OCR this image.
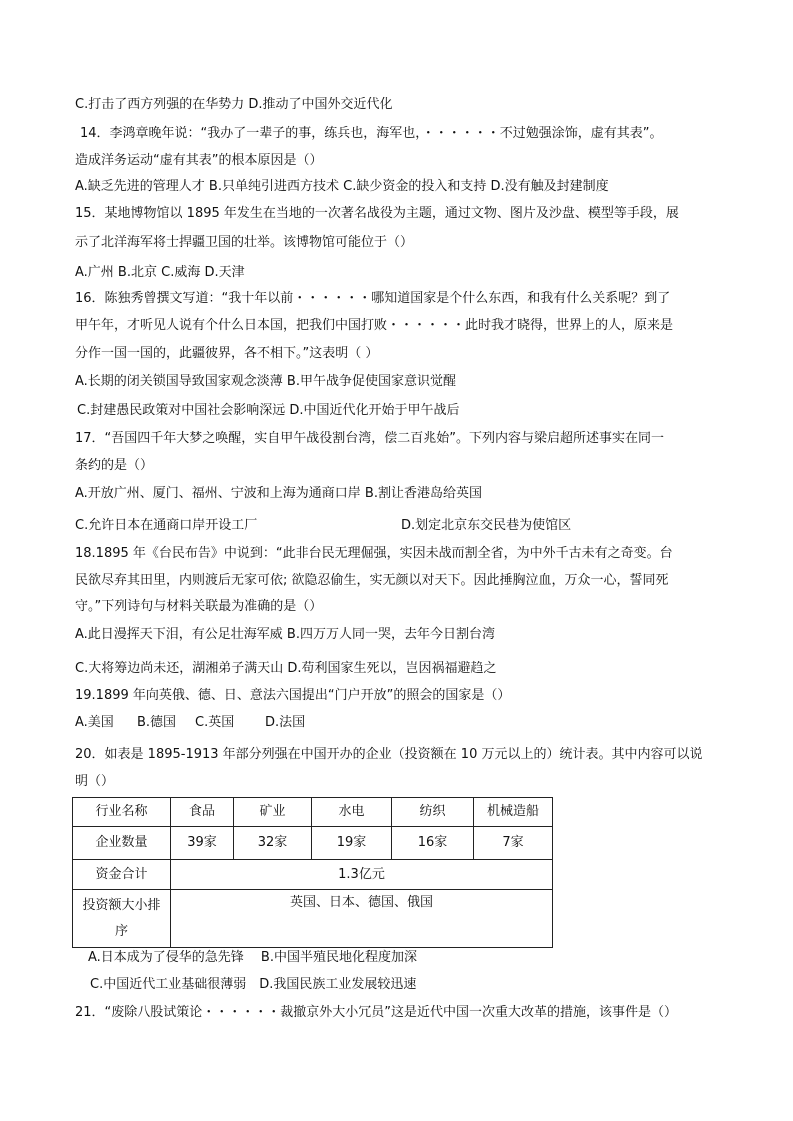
C.打击了西方列强的在华势力 D.推动了中国外交近代化
14．李鸿章晚年说：“我办了一辈子的事，练兵也，海军也，・・・・・・不过勉强涂饰，虚有其表”。
造成洋务运动“虚有其表”的根本原因是（）
A.缺乏先进的管理人才 B.只单纯引进西方技术 C.缺少资金的投入和支持 D.没有触及封建制度
15．某地博物馆以 1895 年发生在当地的一次著名战役为主题，通过文物、图片及沙盘、模型等手段，展
示了北洋海军将士捍疆卫国的壮举。该博物馆可能位于（）
A.广州 B.北京 C.威海 D.天津
16．陈独秀曾撰文写道：“我十年以前・・・・・・哪知道国家是个什么东西，和我有什么关系呢？到了
甲午年，才听见人说有个什么日本国，把我们中国打败・・・・・・此时我才晓得，世界上的人，原来是
分作一国一国的，此疆彼界，各不相下。”这表明（ ）
A.长期的闭关锁国导致国家观念淡薄 B.甲午战争促使国家意识觉醒
C.封建愚民政策对中国社会影响深远 D.中国近代化开始于甲午战后
17．“吾国四千年大梦之唤醒，实自甲午战役割台湾，偿二百兆始”。下列内容与梁启超所述事实在同一
条约的是（）
A.开放广州、厦门、福州、宁波和上海为通商口岸 B.割让香港岛给英国
C.允许日本在通商口岸开设工厂	D.划定北京东交民巷为使馆区
18.1895 年《台民布告》中说到：“此非台民无理倔强，实因未战而割全省，为中外千古未有之奇变。台
民欲尽弃其田里，内则渡后无家可依; 欲隐忍偷生，实无颜以对天下。因此捶胸泣血，万众一心，誓同死
守。”下列诗句与材料关联最为准确的是（）
A.此日漫挥天下泪，有公足壮海军威 B.四万万人同一哭，去年今日割台湾
C.大将筹边尚未还，湖湘弟子满天山 D.苟利国家生死以，岂因祸福避趋之
19.1899 年向英俄、德、日、意法六国提出“门户开放”的照会的国家是（）
A.美国 B.德国 C.英国 D.法国
20．如表是 1895-1913 年部分列强在中国开办的企业（投资额在 10 万元以上的）统计表。其中内容可以说
明（）
行业名称	食品	矿业	水电	纺织	机械造船
企业数量	39家	32家	19家	16家	7家
资金合计	1.3亿元				

投资额大小排
序	英国、日本、德国、俄国				
A.日本成为了侵华的急先锋　 B.中国半殖民地化程度加深
C.中国近代工业基础很薄弱　D.我国民族工业发展较迅速
21．“废除八股试策论・・・・・・裁撤京外大小冗员”这是近代中国一次重大改革的措施，该事件是（）
